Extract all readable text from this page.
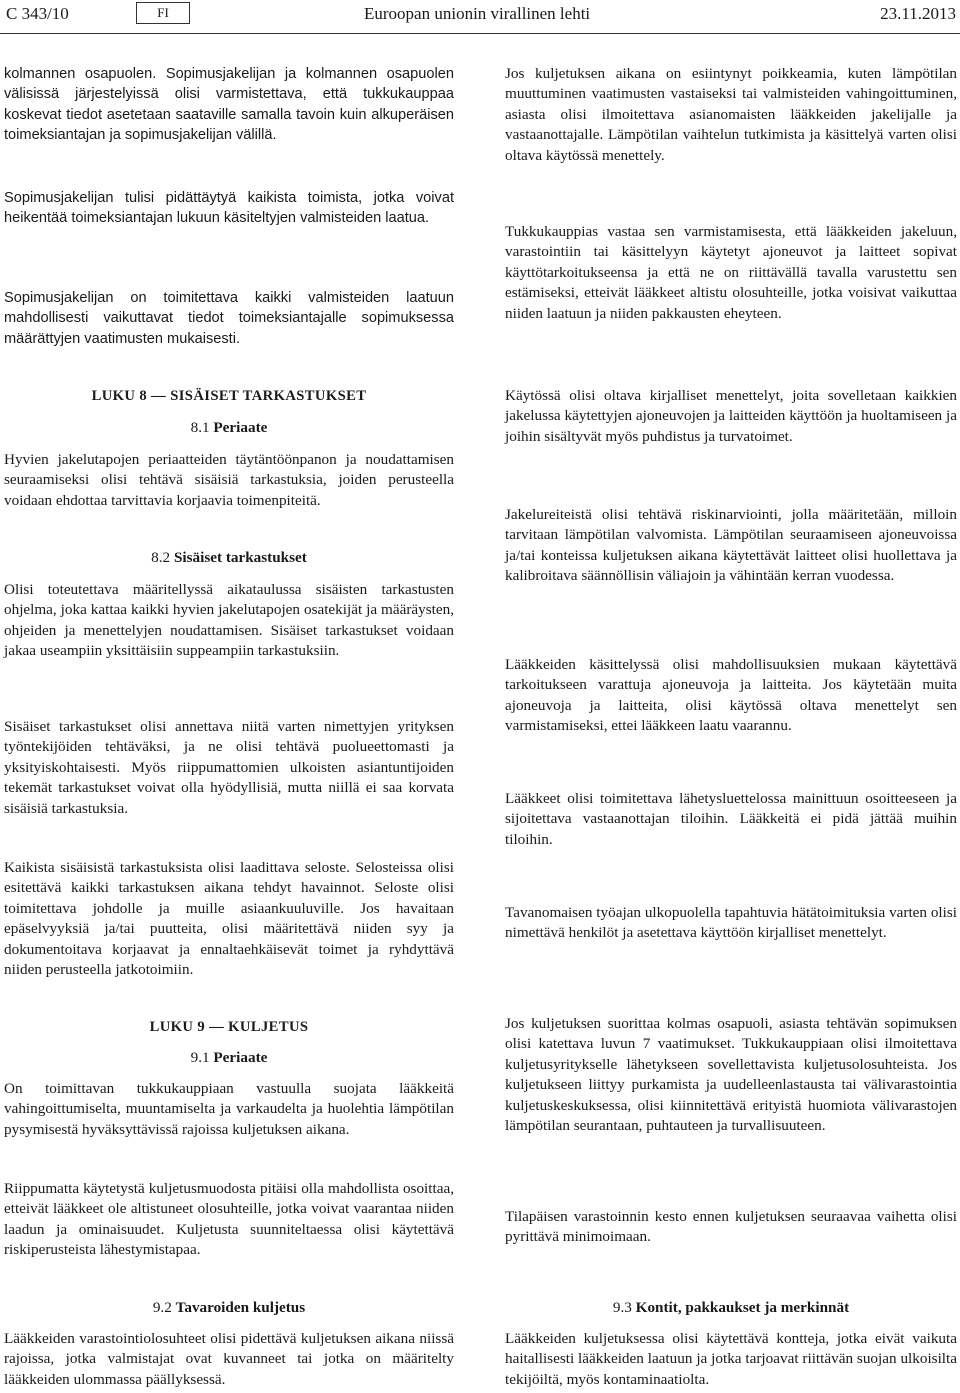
C 343/10	FI	Euroopan unionin virallinen lehti	23.11.2013

kolmannen osapuolen. Sopimusjakelijan ja kolmannen osapuolen välisissä järjestelyissä olisi varmistettava, että tukkukauppaa koskevat tiedot asetetaan saataville samalla tavoin kuin alkuperäisen toimeksiantajan ja sopimusjakelijan välillä.

Sopimusjakelijan tulisi pidättäytyä kaikista toimista, jotka voivat heikentää toimeksiantajan lukuun käsiteltyjen valmisteiden laatua.

Sopimusjakelijan on toimitettava kaikki valmisteiden laatuun mahdollisesti vaikuttavat tiedot toimeksiantajalle sopimuksessa määrättyjen vaatimusten mukaisesti.

LUKU 8 — SISÄISET TARKASTUKSET
8.1 Periaate

Hyvien jakelutapojen periaatteiden täytäntöönpanon ja noudattamisen seuraamiseksi olisi tehtävä sisäisiä tarkastuksia, joiden perusteella voidaan ehdottaa tarvittavia korjaavia toimenpiteitä.

8.2 Sisäiset tarkastukset

Olisi toteutettava määritellyssä aikataulussa sisäisten tarkastusten ohjelma, joka kattaa kaikki hyvien jakelutapojen osatekijät ja määräysten, ohjeiden ja menettelyjen noudattamisen. Sisäiset tarkastukset voidaan jakaa useampiin yksittäisiin suppeampiin tarkastuksiin.

Sisäiset tarkastukset olisi annettava niitä varten nimettyjen yrityksen työntekijöiden tehtäväksi, ja ne olisi tehtävä puolueettomasti ja yksityiskohtaisesti. Myös riippumattomien ulkoisten asiantuntijoiden tekemät tarkastukset voivat olla hyödyllisiä, mutta niillä ei saa korvata sisäisiä tarkastuksia.

Kaikista sisäisistä tarkastuksista olisi laadittava seloste. Selosteissa olisi esitettävä kaikki tarkastuksen aikana tehdyt havainnot. Seloste olisi toimitettava johdolle ja muille asiaankuuluville. Jos havaitaan epäselvyyksiä ja/tai puutteita, olisi määritettävä niiden syy ja dokumentoitava korjaavat ja ennaltaehkäisevät toimet ja ryhdyttävä niiden perusteella jatkotoimiin.

LUKU 9 — KULJETUS
9.1 Periaate

On toimittavan tukkukauppiaan vastuulla suojata lääkkeitä vahingoittumiselta, muuntamiselta ja varkaudelta ja huolehtia lämpötilan pysymisestä hyväksyttävissä rajoissa kuljetuksen aikana.

Riippumatta käytetystä kuljetusmuodosta pitäisi olla mahdollista osoittaa, etteivät lääkkeet ole altistuneet olosuhteille, jotka voivat vaarantaa niiden laadun ja ominaisuudet. Kuljetusta suunniteltaessa olisi käytettävä riskiperusteista lähestymistapaa.

9.2 Tavaroiden kuljetus

Lääkkeiden varastointiolosuhteet olisi pidettävä kuljetuksen aikana niissä rajoissa, jotka valmistajat ovat kuvanneet tai jotka on määritelty lääkkeiden ulommassa päällyksessä.

Jos kuljetuksen aikana on esiintynyt poikkeamia, kuten lämpötilan muuttuminen vaatimusten vastaiseksi tai valmisteiden vahingoittuminen, asiasta olisi ilmoitettava asianomaisten lääkkeiden jakelijalle ja vastaanottajalle. Lämpötilan vaihtelun tutkimista ja käsittelyä varten olisi oltava käytössä menettely.

Tukkukauppias vastaa sen varmistamisesta, että lääkkeiden jakeluun, varastointiin tai käsittelyyn käytetyt ajoneuvot ja laitteet sopivat käyttötarkoitukseensa ja että ne on riittävällä tavalla varustettu sen estämiseksi, etteivät lääkkeet altistu olosuhteille, jotka voisivat vaikuttaa niiden laatuun ja niiden pakkausten eheyteen.

Käytössä olisi oltava kirjalliset menettelyt, joita sovelletaan kaikkien jakelussa käytettyjen ajoneuvojen ja laitteiden käyttöön ja huoltamiseen ja joihin sisältyvät myös puhdistus ja turvatoimet.

Jakelureiteistä olisi tehtävä riskinarviointi, jolla määritetään, milloin tarvitaan lämpötilan valvomista. Lämpötilan seuraamiseen ajoneuvoissa ja/tai konteissa kuljetuksen aikana käytettävät laitteet olisi huollettava ja kalibroitava säännöllisin väliajoin ja vähintään kerran vuodessa.

Lääkkeiden käsittelyssä olisi mahdollisuuksien mukaan käytettävä tarkoitukseen varattuja ajoneuvoja ja laitteita. Jos käytetään muita ajoneuvoja ja laitteita, olisi käytössä oltava menettelyt sen varmistamiseksi, ettei lääkkeen laatu vaarannu.

Lääkkeet olisi toimitettava lähetysluettelossa mainittuun osoitteeseen ja sijoitettava vastaanottajan tiloihin. Lääkkeitä ei pidä jättää muihin tiloihin.

Tavanomaisen työajan ulkopuolella tapahtuvia hätätoimituksia varten olisi nimettävä henkilöt ja asetettava käyttöön kirjalliset menettelyt.

Jos kuljetuksen suorittaa kolmas osapuoli, asiasta tehtävän sopimuksen olisi katettava luvun 7 vaatimukset. Tukkukauppiaan olisi ilmoitettava kuljetusyritykselle lähetykseen sovellettavista kuljetusolosuhteista. Jos kuljetukseen liittyy purkamista ja uudelleenlastausta tai välivarastointia kuljetuskeskuksessa, olisi kiinnitettävä erityistä huomiota välivarastojen lämpötilan seurantaan, puhtauteen ja turvallisuuteen.

Tilapäisen varastoinnin kesto ennen kuljetuksen seuraavaa vaihetta olisi pyrittävä minimoimaan.

9.3 Kontit, pakkaukset ja merkinnät

Lääkkeiden kuljetuksessa olisi käytettävä kontteja, jotka eivät vaikuta haitallisesti lääkkeiden laatuun ja jotka tarjoavat riittävän suojan ulkoisilta tekijöiltä, myös kontaminaatiolta.
